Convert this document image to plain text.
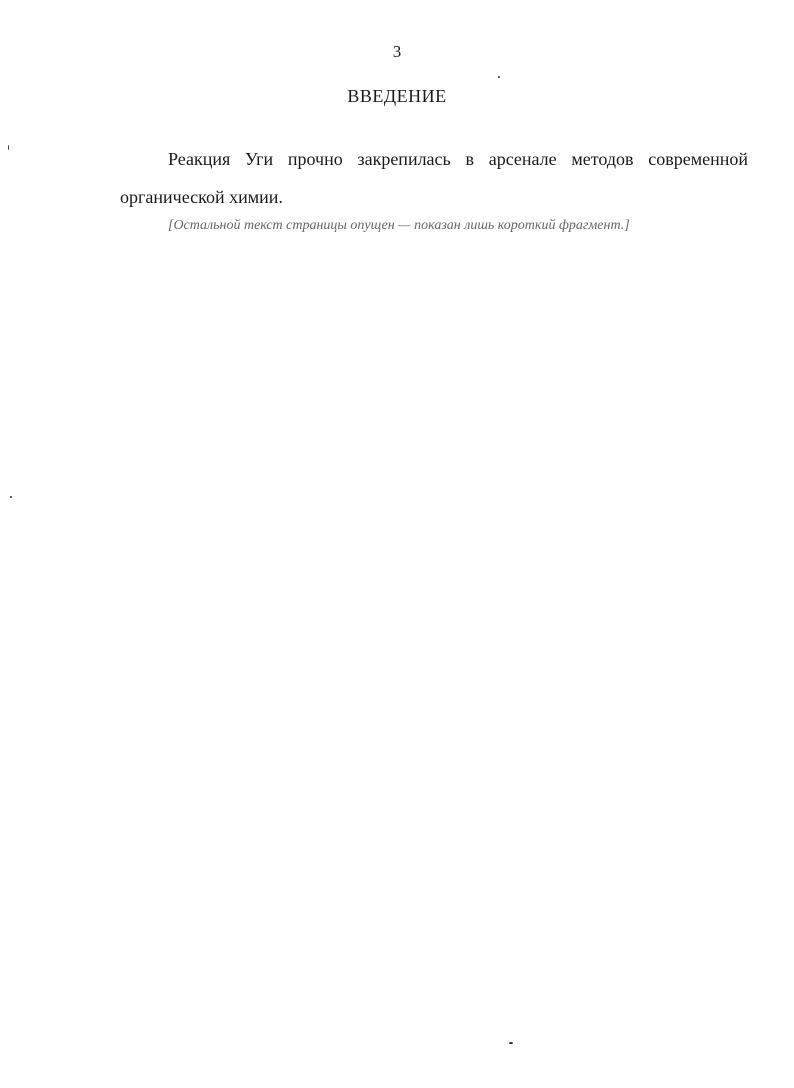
3
ВВЕДЕНИЕ

Реакция Уги прочно закрепилась в арсенале методов современной органической химии.

[Остальной текст страницы опущен — показан лишь короткий фрагмент.]
